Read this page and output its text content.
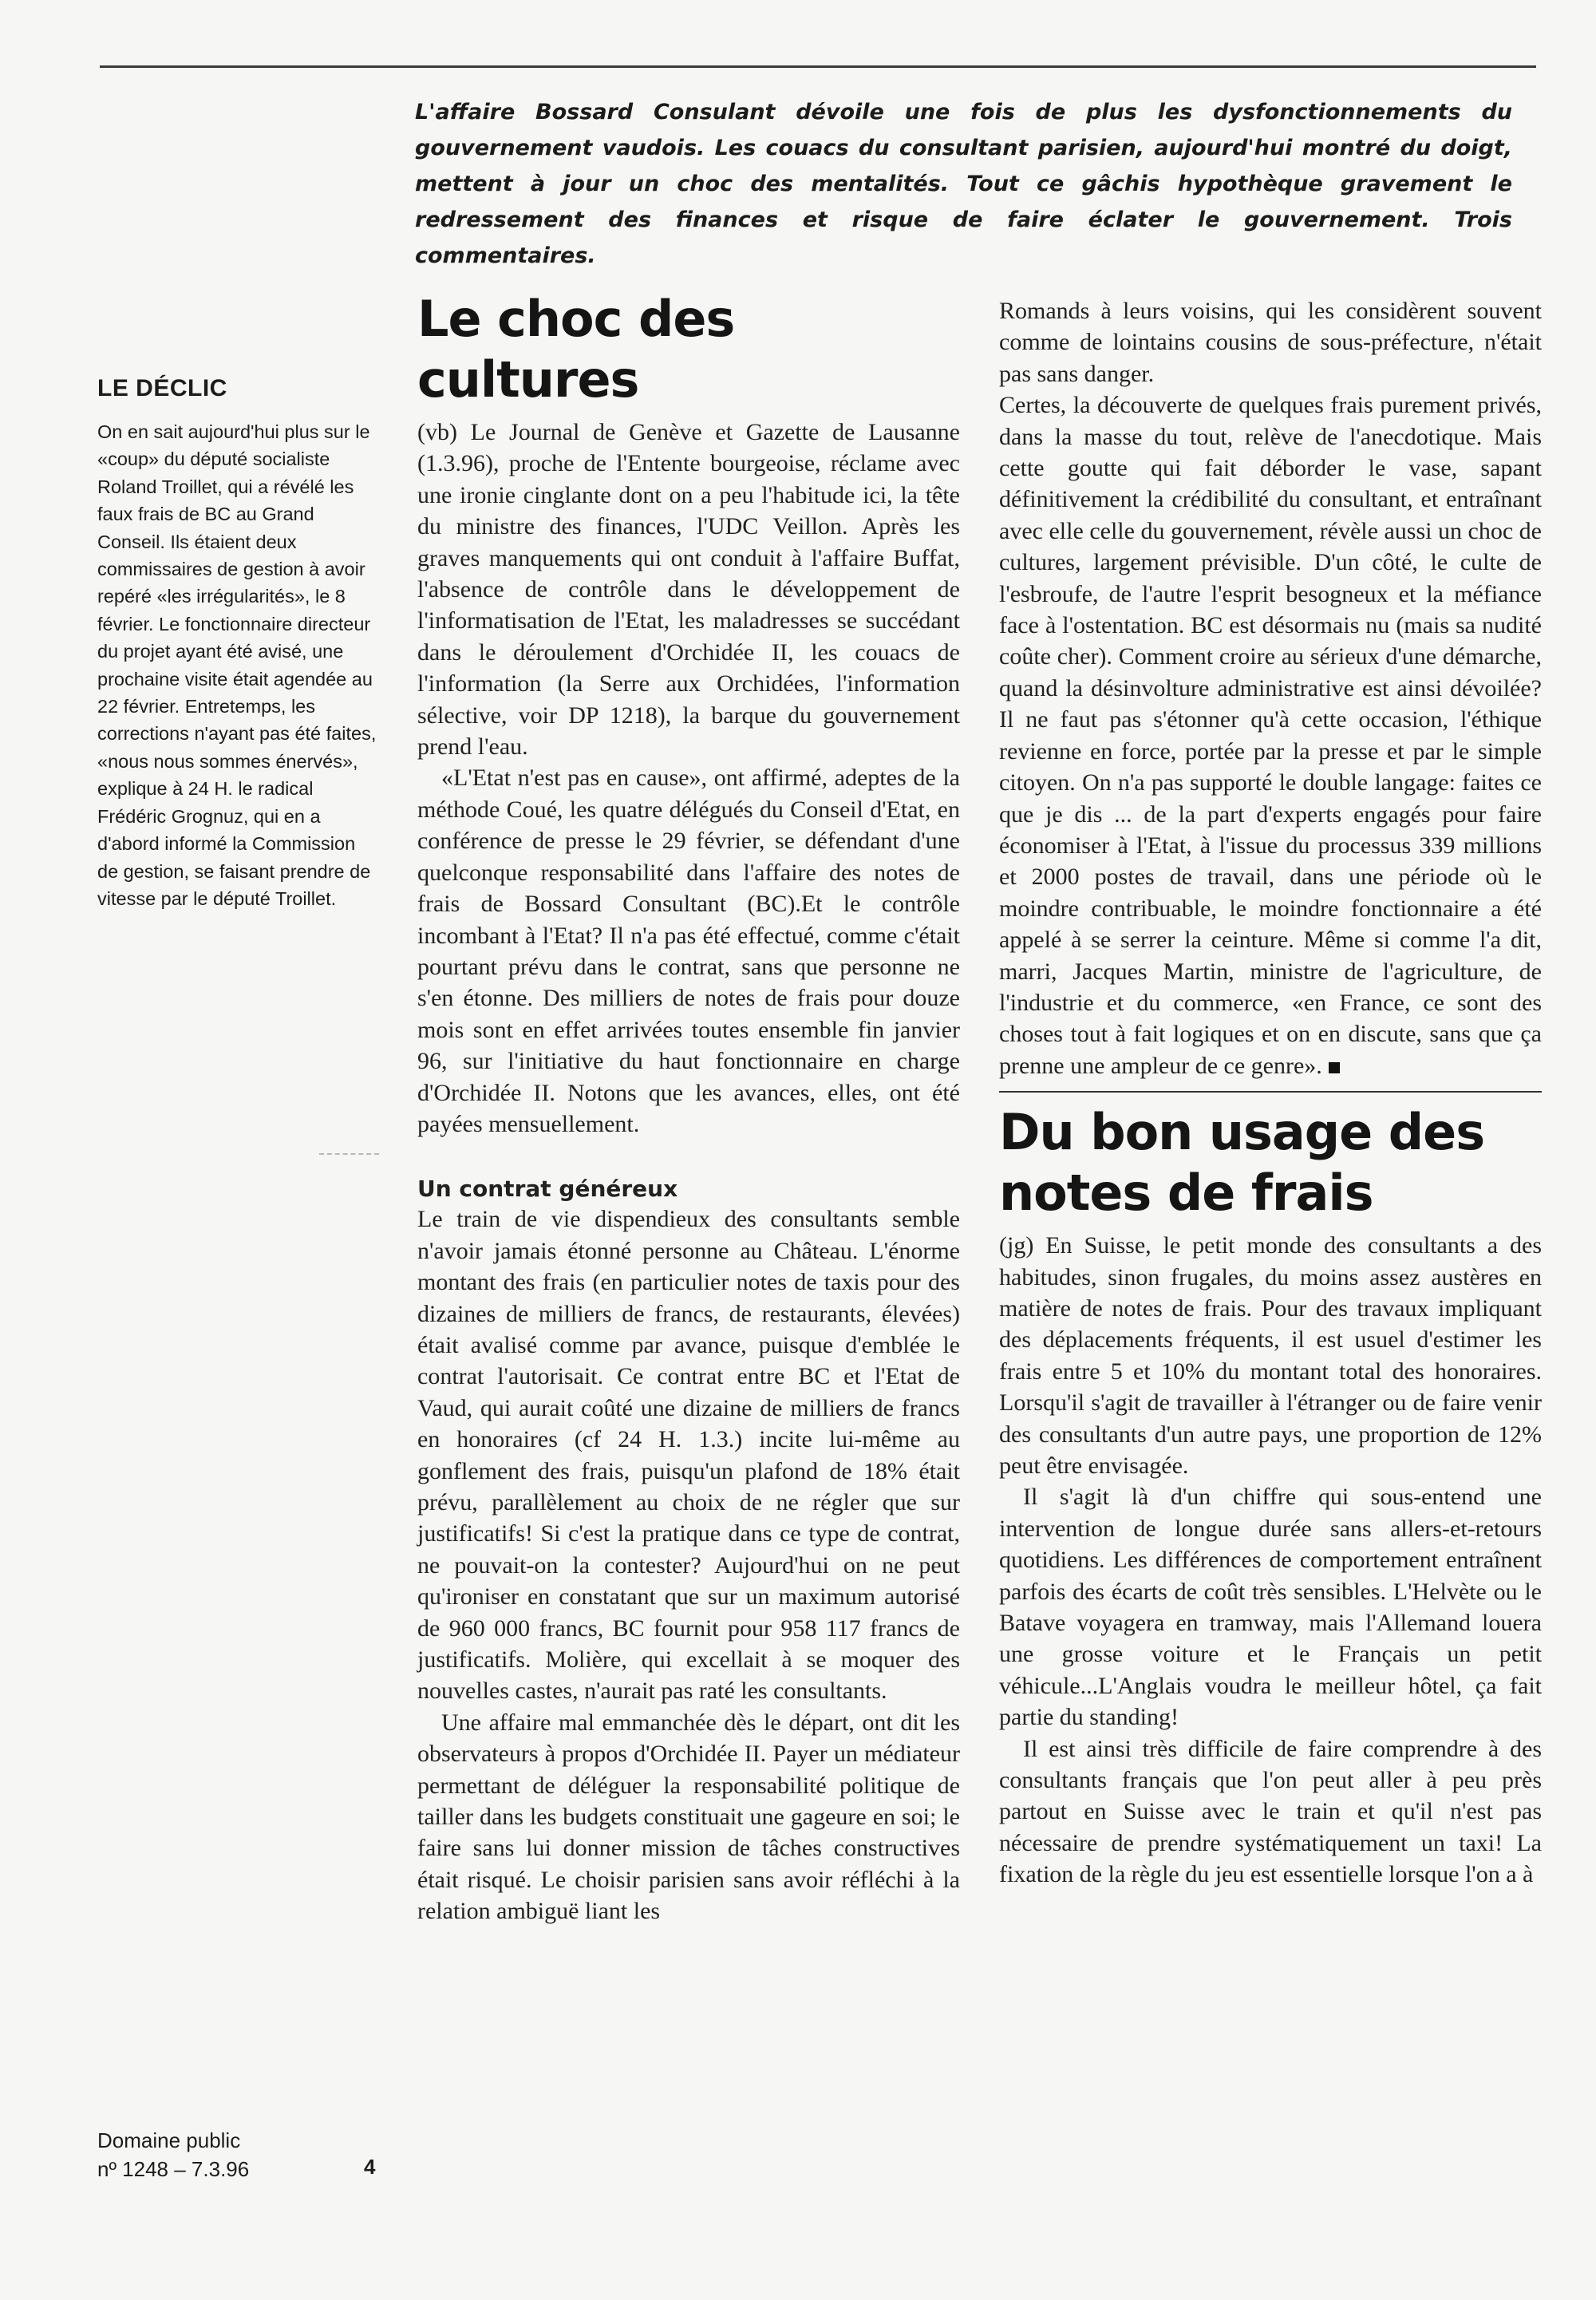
L'affaire Bossard Consulant dévoile une fois de plus les dysfonctionnements du gouvernement vaudois. Les couacs du consultant parisien, aujourd'hui montré du doigt, mettent à jour un choc des mentalités. Tout ce gâchis hypothèque gravement le redressement des finances et risque de faire éclater le gouvernement. Trois commentaires.

LE DÉCLIC

On en sait aujourd'hui plus sur le «coup» du député socialiste Roland Troillet, qui a révélé les faux frais de BC au Grand Conseil. Ils étaient deux commissaires de gestion à avoir repéré «les irrégularités», le 8 février. Le fonctionnaire directeur du projet ayant été avisé, une prochaine visite était agendée au 22 février. Entretemps, les corrections n'ayant pas été faites, «nous nous sommes énervés», explique à 24 H. le radical Frédéric Grognuz, qui en a d'abord informé la Commission de gestion, se faisant prendre de vitesse par le député Troillet.

Domaine public
nº 1248 – 7.3.96	4
Le choc des cultures

(vb) Le Journal de Genève et Gazette de Lausanne (1.3.96), proche de l'Entente bourgeoise, réclame avec une ironie cinglante dont on a peu l'habitude ici, la tête du ministre des finances, l'UDC Veillon. Après les graves manquements qui ont conduit à l'affaire Buffat, l'absence de contrôle dans le développement de l'informatisation de l'Etat, les maladresses se succédant dans le déroulement d'Orchidée II, les couacs de l'information (la Serre aux Orchidées, l'information sélective, voir DP 1218), la barque du gouvernement prend l'eau.

«L'Etat n'est pas en cause», ont affirmé, adeptes de la méthode Coué, les quatre délégués du Conseil d'Etat, en conférence de presse le 29 février, se défendant d'une quelconque responsabilité dans l'affaire des notes de frais de Bossard Consultant (BC).Et le contrôle incombant à l'Etat? Il n'a pas été effectué, comme c'était pourtant prévu dans le contrat, sans que personne ne s'en étonne. Des milliers de notes de frais pour douze mois sont en effet arrivées toutes ensemble fin janvier 96, sur l'initiative du haut fonctionnaire en charge d'Orchidée II. Notons que les avances, elles, ont été payées mensuellement.

Un contrat généreux

Le train de vie dispendieux des consultants semble n'avoir jamais étonné personne au Château. L'énorme montant des frais (en particulier notes de taxis pour des dizaines de milliers de francs, de restaurants, élevées) était avalisé comme par avance, puisque d'emblée le contrat l'autorisait. Ce contrat entre BC et l'Etat de Vaud, qui aurait coûté une dizaine de milliers de francs en honoraires (cf 24 H. 1.3.) incite lui-même au gonflement des frais, puisqu'un plafond de 18% était prévu, parallèlement au choix de ne régler que sur justificatifs! Si c'est la pratique dans ce type de contrat, ne pouvait-on la contester? Aujourd'hui on ne peut qu'ironiser en constatant que sur un maximum autorisé de 960 000 francs, BC fournit pour 958 117 francs de justificatifs. Molière, qui excellait à se moquer des nouvelles castes, n'aurait pas raté les consultants.

Une affaire mal emmanchée dès le départ, ont dit les observateurs à propos d'Orchidée II. Payer un médiateur permettant de déléguer la responsabilité politique de tailler dans les budgets constituait une gageure en soi; le faire sans lui donner mission de tâches constructives était risqué. Le choisir parisien sans avoir réfléchi à la relation ambiguë liant les

Romands à leurs voisins, qui les considèrent souvent comme de lointains cousins de sous-préfecture, n'était pas sans danger.

Certes, la découverte de quelques frais purement privés, dans la masse du tout, relève de l'anecdotique. Mais cette goutte qui fait déborder le vase, sapant définitivement la crédibilité du consultant, et entraînant avec elle celle du gouvernement, révèle aussi un choc de cultures, largement prévisible. D'un côté, le culte de l'esbroufe, de l'autre l'esprit besogneux et la méfiance face à l'ostentation. BC est désormais nu (mais sa nudité coûte cher). Comment croire au sérieux d'une démarche, quand la désinvolture administrative est ainsi dévoilée? Il ne faut pas s'étonner qu'à cette occasion, l'éthique revienne en force, portée par la presse et par le simple citoyen. On n'a pas supporté le double langage: faites ce que je dis ... de la part d'experts engagés pour faire économiser à l'Etat, à l'issue du processus 339 millions et 2000 postes de travail, dans une période où le moindre contribuable, le moindre fonctionnaire a été appelé à se serrer la ceinture. Même si comme l'a dit, marri, Jacques Martin, ministre de l'agriculture, de l'industrie et du commerce, «en France, ce sont des choses tout à fait logiques et on en discute, sans que ça prenne une ampleur de ce genre».

Du bon usage des notes de frais

(jg) En Suisse, le petit monde des consultants a des habitudes, sinon frugales, du moins assez austères en matière de notes de frais. Pour des travaux impliquant des déplacements fréquents, il est usuel d'estimer les frais entre 5 et 10% du montant total des honoraires. Lorsqu'il s'agit de travailler à l'étranger ou de faire venir des consultants d'un autre pays, une proportion de 12% peut être envisagée.

Il s'agit là d'un chiffre qui sous-entend une intervention de longue durée sans allers-et-retours quotidiens. Les différences de comportement entraînent parfois des écarts de coût très sensibles. L'Helvète ou le Batave voyagera en tramway, mais l'Allemand louera une grosse voiture et le Français un petit véhicule...L'Anglais voudra le meilleur hôtel, ça fait partie du standing!

Il est ainsi très difficile de faire comprendre à des consultants français que l'on peut aller à peu près partout en Suisse avec le train et qu'il n'est pas nécessaire de prendre systématiquement un taxi! La fixation de la règle du jeu est essentielle lorsque l'on a à
